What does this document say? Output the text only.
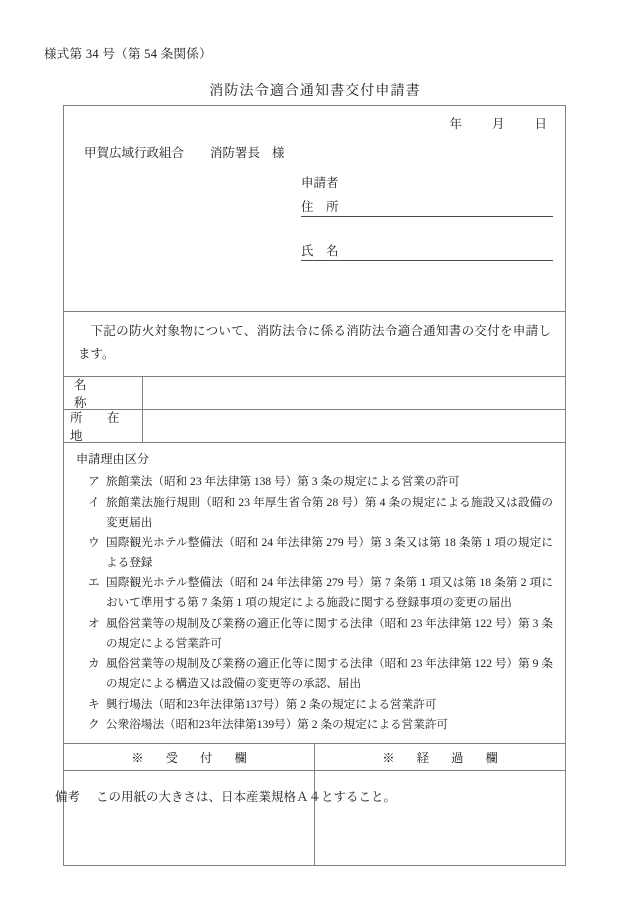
様式第 34 号（第 54 条関係）
消防法令適合通知書交付申請書
年 月 日
甲賀広域行政組合 消防署長 様
申請者
住　所
氏　名

下記の防火対象物について、消防法令に係る消防法令適合通知書の交付を申請します。

名　　称
所　在　地

申請理由区分

ア 旅館業法（昭和 23 年法律第 138 号）第 3 条の規定による営業の許可
イ 旅館業法施行規則（昭和 23 年厚生省令第 28 号）第 4 条の規定による施設又は設備の変更届出
ウ 国際観光ホテル整備法（昭和 24 年法律第 279 号）第 3 条又は第 18 条第 1 項の規定による登録
エ 国際観光ホテル整備法（昭和 24 年法律第 279 号）第 7 条第 1 項又は第 18 条第 2 項において準用する第 7 条第 1 項の規定による施設に関する登録事項の変更の届出
オ 風俗営業等の規制及び業務の適正化等に関する法律（昭和 23 年法律第 122 号）第 3 条の規定による営業許可
カ 風俗営業等の規制及び業務の適正化等に関する法律（昭和 23 年法律第 122 号）第 9 条の規定による構造又は設備の変更等の承認、届出
キ 興行場法（昭和23年法律第137号）第 2 条の規定による営業許可
ク 公衆浴場法（昭和23年法律第139号）第 2 条の規定による営業許可
※　受　付　欄	※　経　過　欄
備考 この用紙の大きさは、日本産業規格Ａ４とすること。
